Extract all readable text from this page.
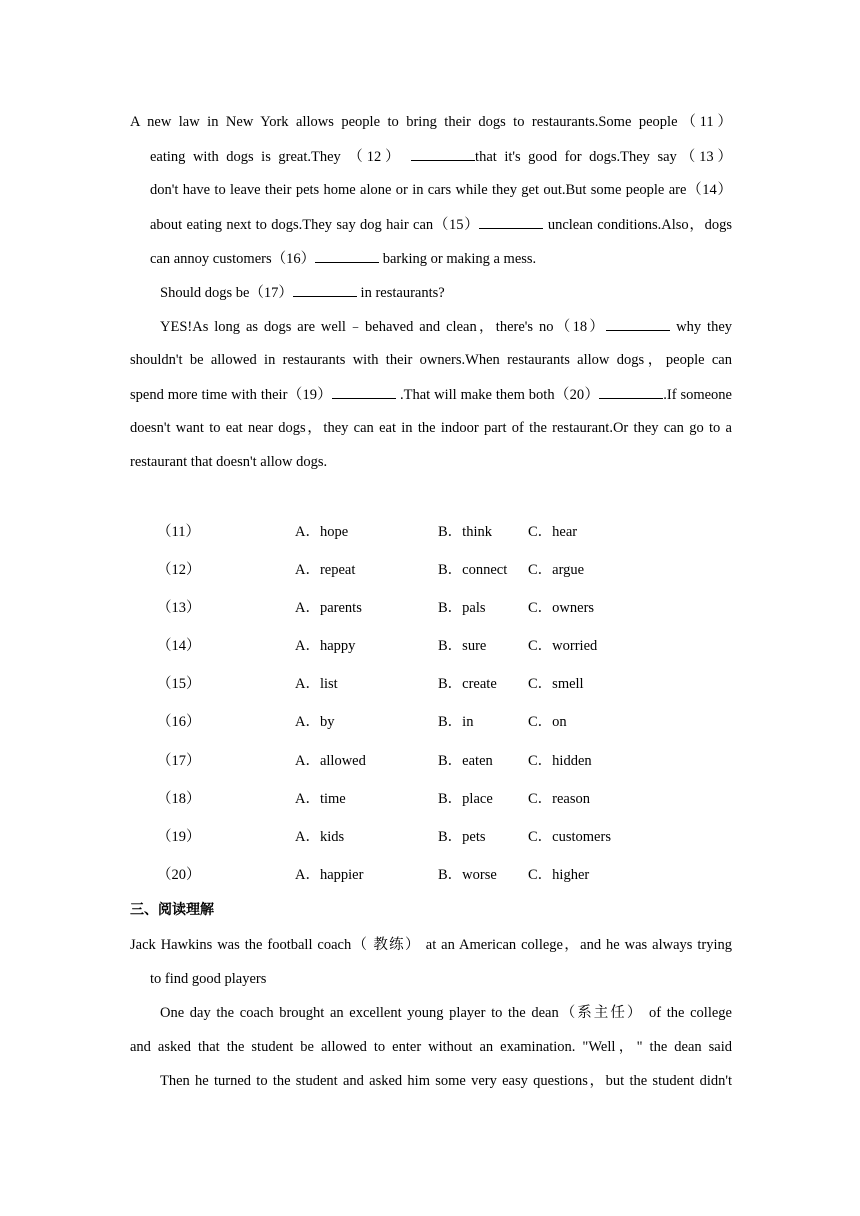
A new law in New York allows people to bring their dogs to restaurants.Some people（11）
eating with dogs is great.They （12）	that it's good for dogs.They say（13）
don't have to leave their pets home alone or in cars while they get out.But some people are（14）
about eating next to dogs.They say dog hair can（15）	unclean conditions.Also，dogs
can annoy customers（16）	barking or making a mess.
Should dogs be（17）	in restaurants?
YES!As long as dogs are well﹣behaved and clean，there's no（18）	why they
shouldn't be allowed in restaurants with their owners.When restaurants allow dogs，people can
spend more time with their（19）	.That will make them both（20）	.If someone
doesn't want to eat near dogs，they can eat in the indoor part of the restaurant.Or they can go to a
restaurant that doesn't allow dogs.
（11）	A．hope	B．think C．hear
（12）	A．repeat	B．connect C．argue
（13）	A．parents	B．pals	C．owners
（14）	A．happy	B．sure	C．worried
（15）	A．list	B．create C．smell
（16）	A．by	B．in	C．on
（17）	A．allowed	B．eaten C．hidden
（18）	A．time	B．place C．reason
（19）	A．kids	B．pets	C．customers
（20）	A．happier	B．worse C．higher
三、阅读理解
Jack Hawkins was the football coach（ 教练） at an American college，and he was always trying
to find good players
One day the coach brought an excellent young player to the dean（系主任） of the college
and asked that the student be allowed to enter without an examination. "Well，" the dean said
Then he turned to the student and asked him some very easy questions，but the student didn't
